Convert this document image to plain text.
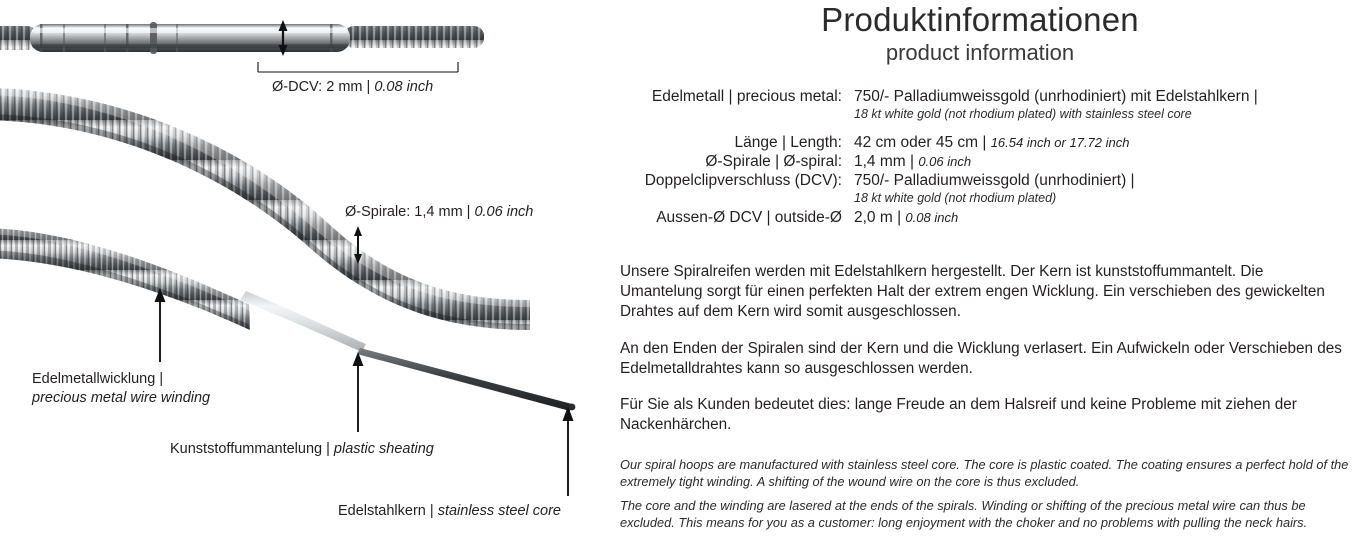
Ø-DCV: 2 mm | 0.08 inch
Ø-Spirale: 1,4 mm | 0.06 inch
Edelmetallwicklung |
precious metal wire winding
Kunststoffummantelung | plastic sheating
Edelstahlkern | stainless steel core
Produktinformationen
product information
Edelmetall | precious metal: 750/- Palladiumweissgold (unrhodiniert) mit Edelstahlkern |
18 kt white gold (not rhodium plated) with stainless steel core
Länge | Length: 42 cm oder 45 cm | 16.54 inch or 17.72 inch
Ø-Spirale | Ø-spiral: 1,4 mm | 0.06 inch
Doppelclipverschluss (DCV): 750/- Palladiumweissgold (unrhodiniert) |
18 kt white gold (not rhodium plated)
Aussen-Ø DCV | outside-Ø 2,0 m | 0.08 inch
Unsere Spiralreifen werden mit Edelstahlkern hergestellt. Der Kern ist kunststoffummantelt. Die Umantelung sorgt für einen perfekten Halt der extrem engen Wicklung. Ein verschieben des gewickelten Drahtes auf dem Kern wird somit ausgeschlossen.
An den Enden der Spiralen sind der Kern und die Wicklung verlasert. Ein Aufwickeln oder Verschieben des Edelmetalldrahtes kann so ausgeschlossen werden.
Für Sie als Kunden bedeutet dies: lange Freude an dem Halsreif und keine Probleme mit ziehen der Nackenhärchen.
Our spiral hoops are manufactured with stainless steel core. The core is plastic coated. The coating ensures a perfect hold of the extremely tight winding. A shifting of the wound wire on the core is thus excluded.
The core and the winding are lasered at the ends of the spirals. Winding or shifting of the precious metal wire can thus be excluded. This means for you as a customer: long enjoyment with the choker and no problems with pulling the neck hairs.
